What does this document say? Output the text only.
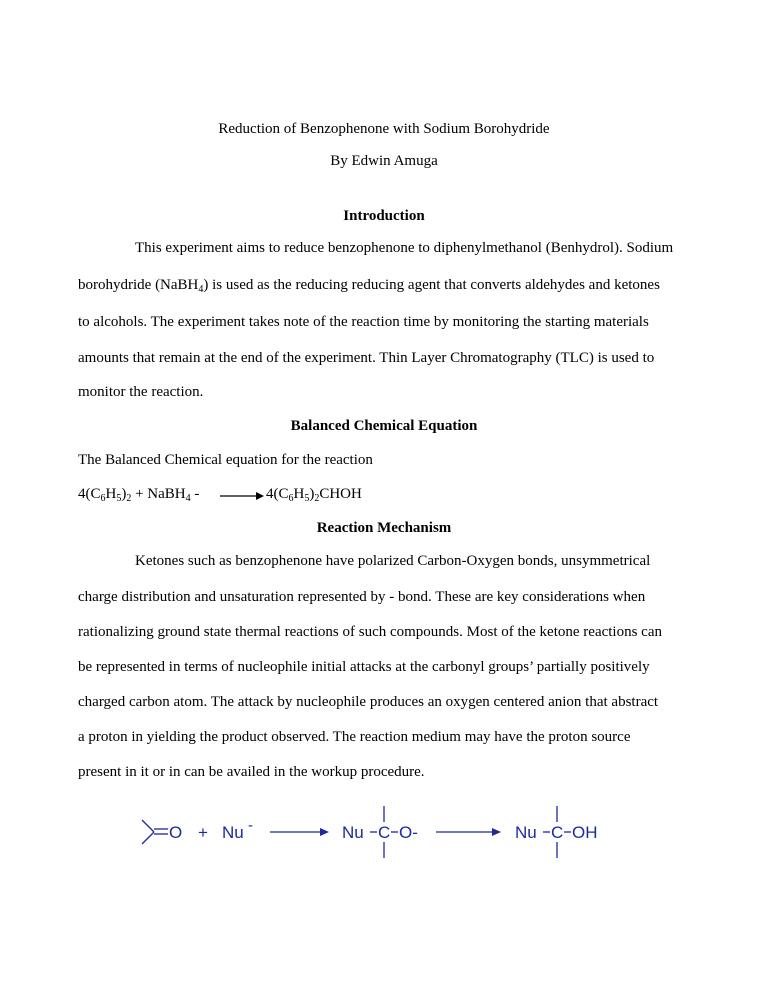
Reduction of Benzophenone with Sodium Borohydride
By Edwin Amuga
Introduction
This experiment aims to reduce benzophenone to diphenylmethanol (Benhydrol). Sodium
borohydride (NaBH$_4$) is used as the reducing reducing agent that converts aldehydes and ketones
to alcohols. The experiment takes note of the reaction time by monitoring the starting materials
amounts that remain at the end of the experiment. Thin Layer Chromatography (TLC) is used to
monitor the reaction.
Balanced Chemical Equation
The Balanced Chemical equation for the reaction
$4(C_6H_5)_2$ + NaBH$_4$ -	$4(C_6H_5)_2CHOH$
Reaction Mechanism
Ketones such as benzophenone have polarized Carbon-Oxygen bonds, unsymmetrical
charge distribution and unsaturation represented by - bond. These are key considerations when
rationalizing ground state thermal reactions of such compounds. Most of the ketone reactions can
be represented in terms of nucleophile initial attacks at the carbonyl groups’ partially positively
charged carbon atom. The attack by nucleophile produces an oxygen centered anion that abstract
a proton in yielding the product observed. The reaction medium may have the proton source
present in it or in can be availed in the workup procedure.
O + Nu -	Nu C O-	Nu C OH
